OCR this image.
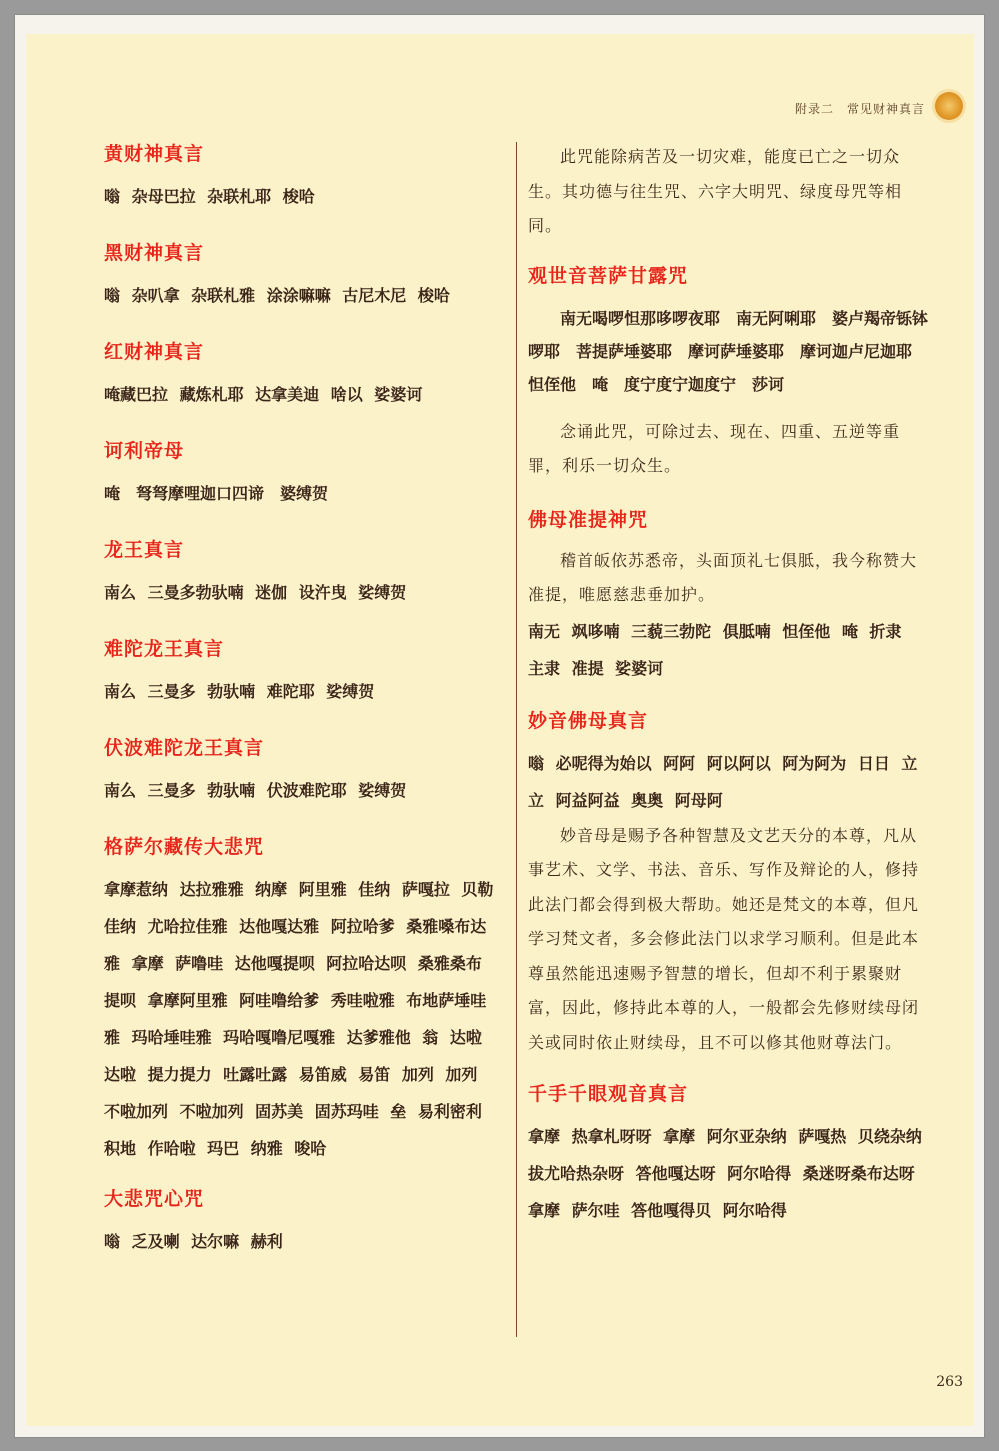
附录二　常见财神真言
黄财神真言

嗡 杂母巴拉 杂联札耶 梭哈

黑财神真言

嗡 杂叭拿 杂联札雅 涂涂嘛嘛 古尼木尼 梭哈

红财神真言

唵藏巴拉 藏炼札耶 达拿美迪 啥以 娑婆诃

诃利帝母

唵　弩弩摩哩迦口四谛　婆缚贺

龙王真言

南么 三曼多勃驮喃 迷伽 设汻曳 娑缚贺

难陀龙王真言

南么 三曼多 勃驮喃 难陀耶 娑缚贺

伏波难陀龙王真言

南么 三曼多 勃驮喃 伏波难陀耶 娑缚贺

格萨尔藏传大悲咒

拿摩惹纳 达拉雅雅 纳摩 阿里雅 佳纳 萨嘎拉 贝勒佳纳 尤哈拉佳雅 达他嘎达雅 阿拉哈爹 桑雅嗓布达雅 拿摩 萨噜哇 达他嘎提呗 阿拉哈达呗 桑雅桑布提呗 拿摩阿里雅 阿哇噜给爹 秀哇啦雅 布地萨埵哇雅 玛哈埵哇雅 玛哈嘎噜尼嘎雅 达爹雅他 翁 达啦达啦 提力提力 吐露吐露 易笛威 易笛 加列 加列 不啦加列 不啦加列 固苏美 固苏玛哇 垒 易利密利 积地 作哈啦 玛巴 纳雅 唆哈

大悲咒心咒

嗡 乏及喇 达尔嘛 赫利

此咒能除病苦及一切灾难，能度已亡之一切众生。其功德与往生咒、六字大明咒、绿度母咒等相同。

观世音菩萨甘露咒

南无喝啰怛那哆啰夜耶　南无阿唎耶　婆卢羯帝铄钵啰耶　菩提萨埵婆耶　摩诃萨埵婆耶　摩诃迦卢尼迦耶　怛侄他　唵　度宁度宁迦度宁　莎诃

念诵此咒，可除过去、现在、四重、五逆等重罪，利乐一切众生。

佛母准提神咒

稽首皈依苏悉帝，头面顶礼七俱胝，我今称赞大准提，唯愿慈悲垂加护。

南无 飒哆喃 三藐三勃陀 俱胝喃 怛侄他 唵 折隶 主隶 准提 娑婆诃

妙音佛母真言

嗡 必呢得为始以 阿阿 阿以阿以 阿为阿为 日日 立立 阿益阿益 奥奥 阿母阿

妙音母是赐予各种智慧及文艺天分的本尊，凡从事艺术、文学、书法、音乐、写作及辩论的人，修持此法门都会得到极大帮助。她还是梵文的本尊，但凡学习梵文者，多会修此法门以求学习顺利。但是此本尊虽然能迅速赐予智慧的增长，但却不利于累聚财富，因此，修持此本尊的人，一般都会先修财续母闭关或同时依止财续母，且不可以修其他财尊法门。

千手千眼观音真言

拿摩 热拿札呀呀 拿摩 阿尔亚杂纳 萨嘎热 贝绕杂纳 拔尤哈热杂呀 答他嘎达呀 阿尔哈得 桑迷呀桑布达呀 拿摩 萨尔哇 答他嘎得贝 阿尔哈得

263
